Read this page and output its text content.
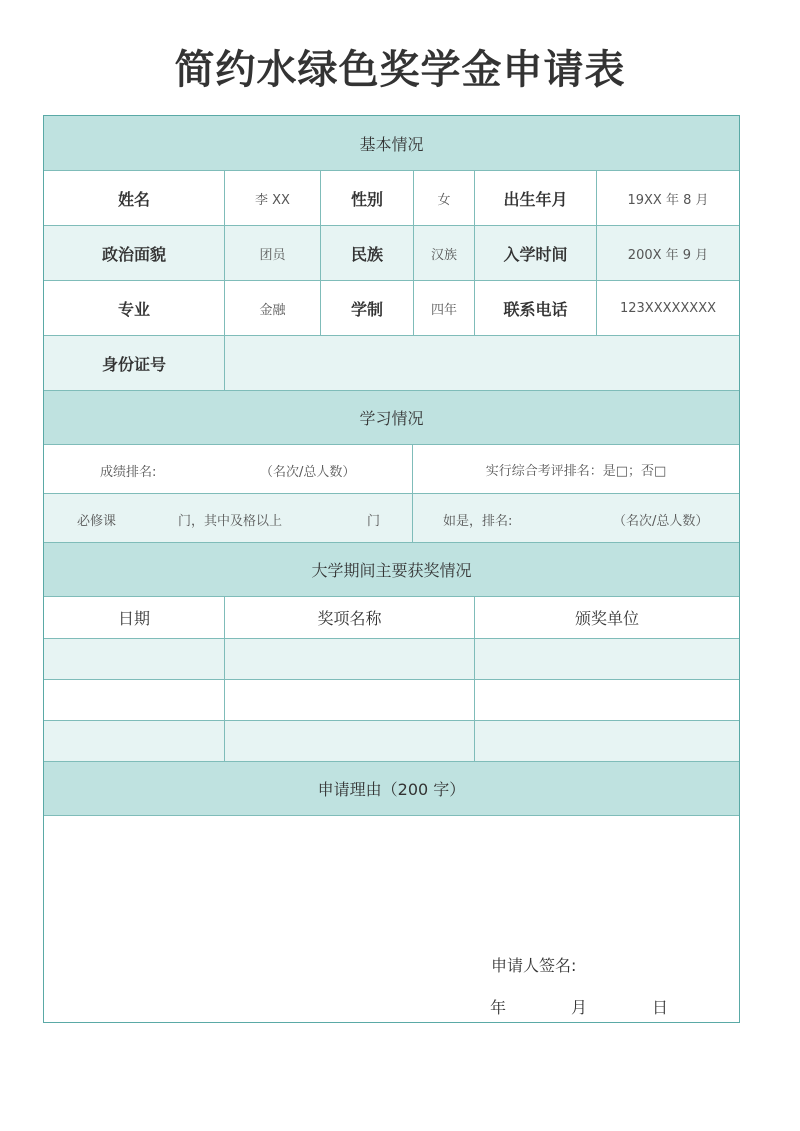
简约水绿色奖学金申请表
基本情况
姓名	李 XX	性别	女	出生年月	19XX 年 8 月
政治面貌	团员	民族	汉族	入学时间	200X 年 9 月
专业	金融	学制	四年	联系电话	123XXXXXXXX
身份证号
学习情况
成绩排名:	（名次/总人数）	实行综合考评排名：是□；否□
必修课	门，其中及格以上	门	如是，排名:	（名次/总人数）
大学期间主要获奖情况
日期	奖项名称	颁奖单位
申请理由（200 字）
申请人签名:
年	月	日
